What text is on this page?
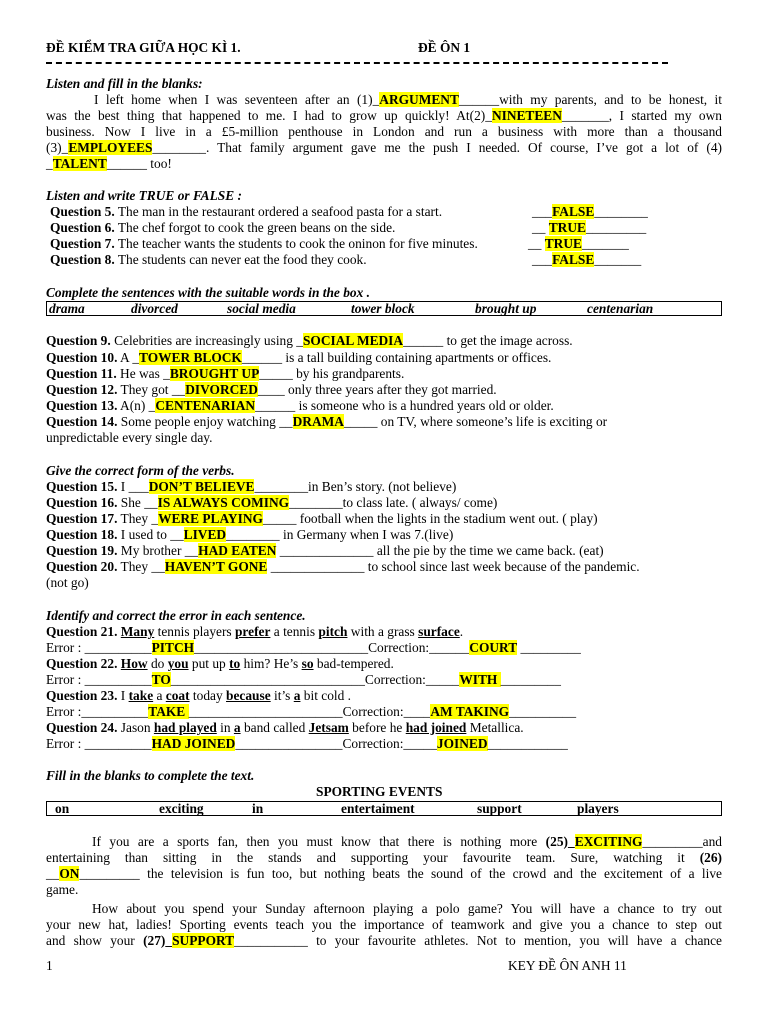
ĐỀ KIỂM TRA GIỮA HỌC KÌ 1.	ĐỀ ÔN 1
Listen and fill in the blanks:
I left home when I was seventeen after an (1)_ARGUMENT______with my parents, and to be honest, it
was the best thing that happened to me. I had to grow up quickly! At(2)_NINETEEN_______, I started my own
business. Now I live in a £5-million penthouse in London and run a business with more than a thousand
(3)_EMPLOYEES________. That family argument gave me the push I needed. Of course, I’ve got a lot of (4)
_TALENT______ too!
Listen and write TRUE or FALSE :
Question 5. The man in the restaurant ordered a seafood pasta for a start.	___FALSE________
Question 6. The chef forgot to cook the green beans on the side.	__ TRUE_________
Question 7. The teacher wants the students to cook the oninon for five minutes.	__ TRUE_______
Question 8. The students can never eat the food they cook.	___FALSE_______
Complete the sentences with the suitable words in the box .
drama	divorced	social media	tower block	brought up	centenarian
Question 9. Celebrities are increasingly using _SOCIAL MEDIA______ to get the image across.
Question 10. A _TOWER BLOCK______ is a tall building containing apartments or offices.
Question 11. He was _BROUGHT UP_____ by his grandparents.
Question 12. They got __DIVORCED____ only three years after they got married.
Question 13. A(n) _CENTENARIAN______ is someone who is a hundred years old or older.
Question 14. Some people enjoy watching __DRAMA_____ on TV, where someone’s life is exciting or
unpredictable every single day.
Give the correct form of the verbs.
Question 15. I ___DON’T BELIEVE________in Ben’s story. (not believe)
Question 16. She __IS ALWAYS COMING________to class late. ( always/ come)
Question 17. They _WERE PLAYING_____ football when the lights in the stadium went out. ( play)
Question 18. I used to __LIVED________ in Germany when I was 7.(live)
Question 19. My brother __HAD EATEN ______________ all the pie by the time we came back. (eat)
Question 20. They __HAVEN’T GONE ______________ to school since last week because of the pandemic.
(not go)
Identify and correct the error in each sentence.
Question 21. Many tennis players prefer a tennis pitch with a grass surface.
Error : __________PITCH__________________________Correction:______COURT _________
Question 22. How do you put up to him? He’s so bad-tempered.
Error : __________TO_____________________________Correction:_____WITH _________
Question 23. I take a coat today because it’s a bit cold .
Error :__________TAKE _______________________Correction:____AM TAKING__________
Question 24. Jason had played in a band called Jetsam before he had joined Metallica.
Error : __________HAD JOINED________________Correction:_____JOINED____________
Fill in the blanks to complete the text.
SPORTING EVENTS
on	exciting	in	entertaiment	support	players
If you are a sports fan, then you must know that there is nothing more (25)_EXCITING_________and
entertaining than sitting in the stands and supporting your favourite team. Sure, watching it (26)
__ON_________ the television is fun too, but nothing beats the sound of the crowd and the excitement of a live
game.
How about you spend your Sunday afternoon playing a polo game? You will have a chance to try out
your new hat, ladies! Sporting events teach you the importance of teamwork and give you a chance to step out
and show your (27)_SUPPORT___________ to your favourite athletes. Not to mention, you will have a chance
1	KEY ĐỀ ÔN ANH 11
